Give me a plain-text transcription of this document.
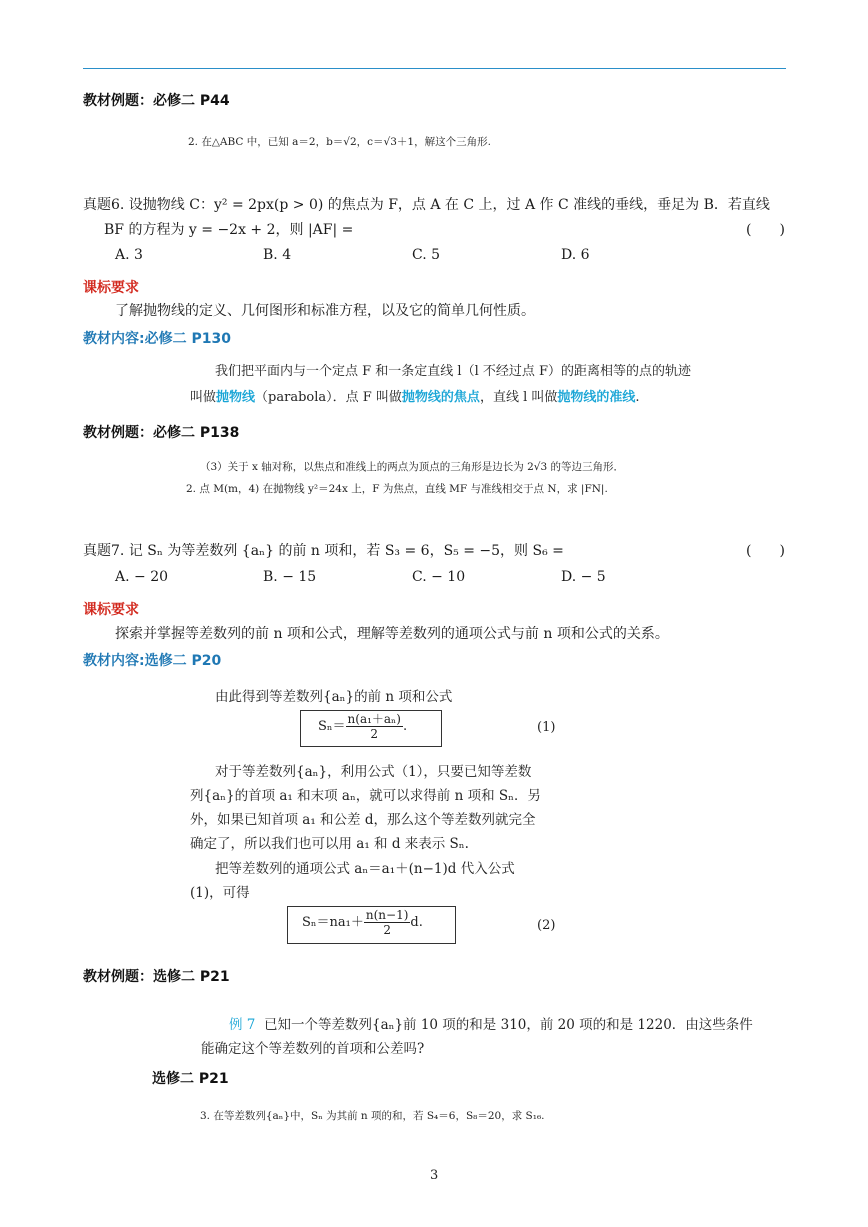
教材例题：必修二 P44
2. 在△ABC 中，已知 a＝2，b＝√2，c＝√3＋1，解这个三角形.
真题6. 设抛物线 C：y² = 2px(p > 0) 的焦点为 F，点 A 在 C 上，过 A 作 C 准线的垂线，垂足为 B．若直线
BF 的方程为 y = −2x + 2，则 |AF| =	(　　)
A. 3	B. 4	C. 5	D. 6
课标要求
了解抛物线的定义、几何图形和标准方程，以及它的简单几何性质。
教材内容:必修二 P130
我们把平面内与一个定点 F 和一条定直线 l（l 不经过点 F）的距离相等的点的轨迹
叫做抛物线（parabola）．点 F 叫做抛物线的焦点，直线 l 叫做抛物线的准线.
教材例题：必修二 P138
（3）关于 x 轴对称，以焦点和准线上的两点为顶点的三角形是边长为 2√3 的等边三角形．
2. 点 M(m，4) 在抛物线 y²＝24x 上，F 为焦点，直线 MF 与准线相交于点 N，求 |FN|.
真题7. 记 Sₙ 为等差数列 {aₙ} 的前 n 项和，若 S₃ = 6，S₅ = −5，则 S₆ =	(　　)
A. − 20	B. − 15	C. − 10	D. − 5
课标要求
探索并掌握等差数列的前 n 项和公式，理解等差数列的通项公式与前 n 项和公式的关系。
教材内容:选修二 P20
由此得到等差数列{aₙ}的前 n 项和公式
$S_n= \frac{\text{n(a₁＋aₙ)}}{2}$ .	(1)
对于等差数列{aₙ}，利用公式（1），只要已知等差数
列{aₙ}的首项 a₁ 和末项 aₙ，就可以求得前 n 项和 Sₙ．另
外，如果已知首项 a₁ 和公差 d，那么这个等差数列就完全
确定了，所以我们也可以用 a₁ 和 d 来表示 Sₙ.
把等差数列的通项公式 aₙ＝a₁＋(n−1)d 代入公式
(1)，可得
$S_n=na_1+ \frac{n(n-1)}{2} d$.	(2)
教材例题：选修二 P21
例 7 已知一个等差数列{aₙ}前 10 项的和是 310，前 20 项的和是 1220．由这些条件
能确定这个等差数列的首项和公差吗?
选修二 P21
3. 在等差数列{aₙ}中，Sₙ 为其前 n 项的和，若 S₄＝6，S₈＝20，求 S₁₆.
3
